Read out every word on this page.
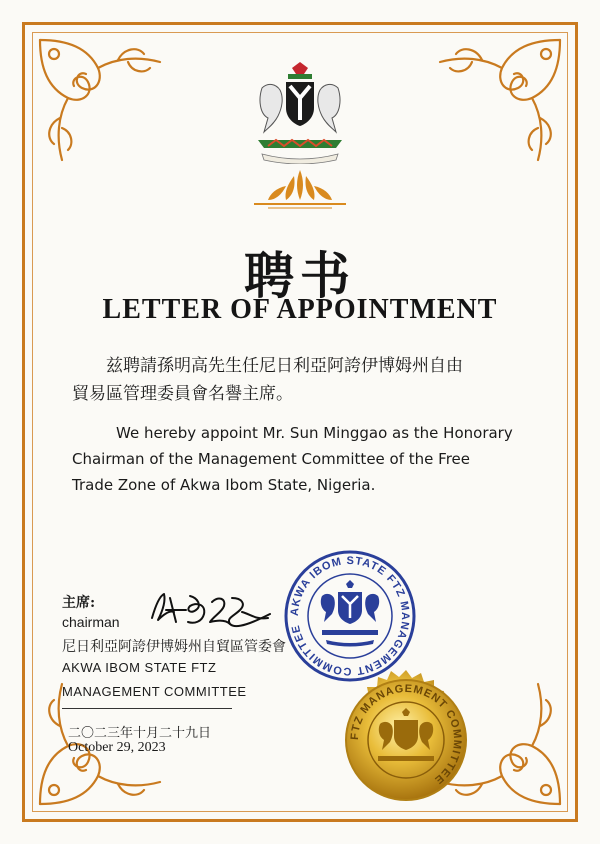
聘书
LETTER OF APPOINTMENT
兹聘請孫明高先生任尼日利亞阿誇伊博姆州自由
貿易區管理委員會名譽主席。
We hereby appoint Mr. Sun Minggao as the Honorary
Chairman of the Management Committee of the Free
Trade Zone of Akwa Ibom State, Nigeria.
AKWA IBOM STATE FTZ MANAGEMENT COMMITTEE
主席:
chairman
尼日利亞阿誇伊博姆州自貿區管委會
AKWA IBOM STATE FTZ
MANAGEMENT COMMITTEE
二〇二三年十月二十九日
October 29, 2023
FTZ MANAGEMENT COMMITTEE
